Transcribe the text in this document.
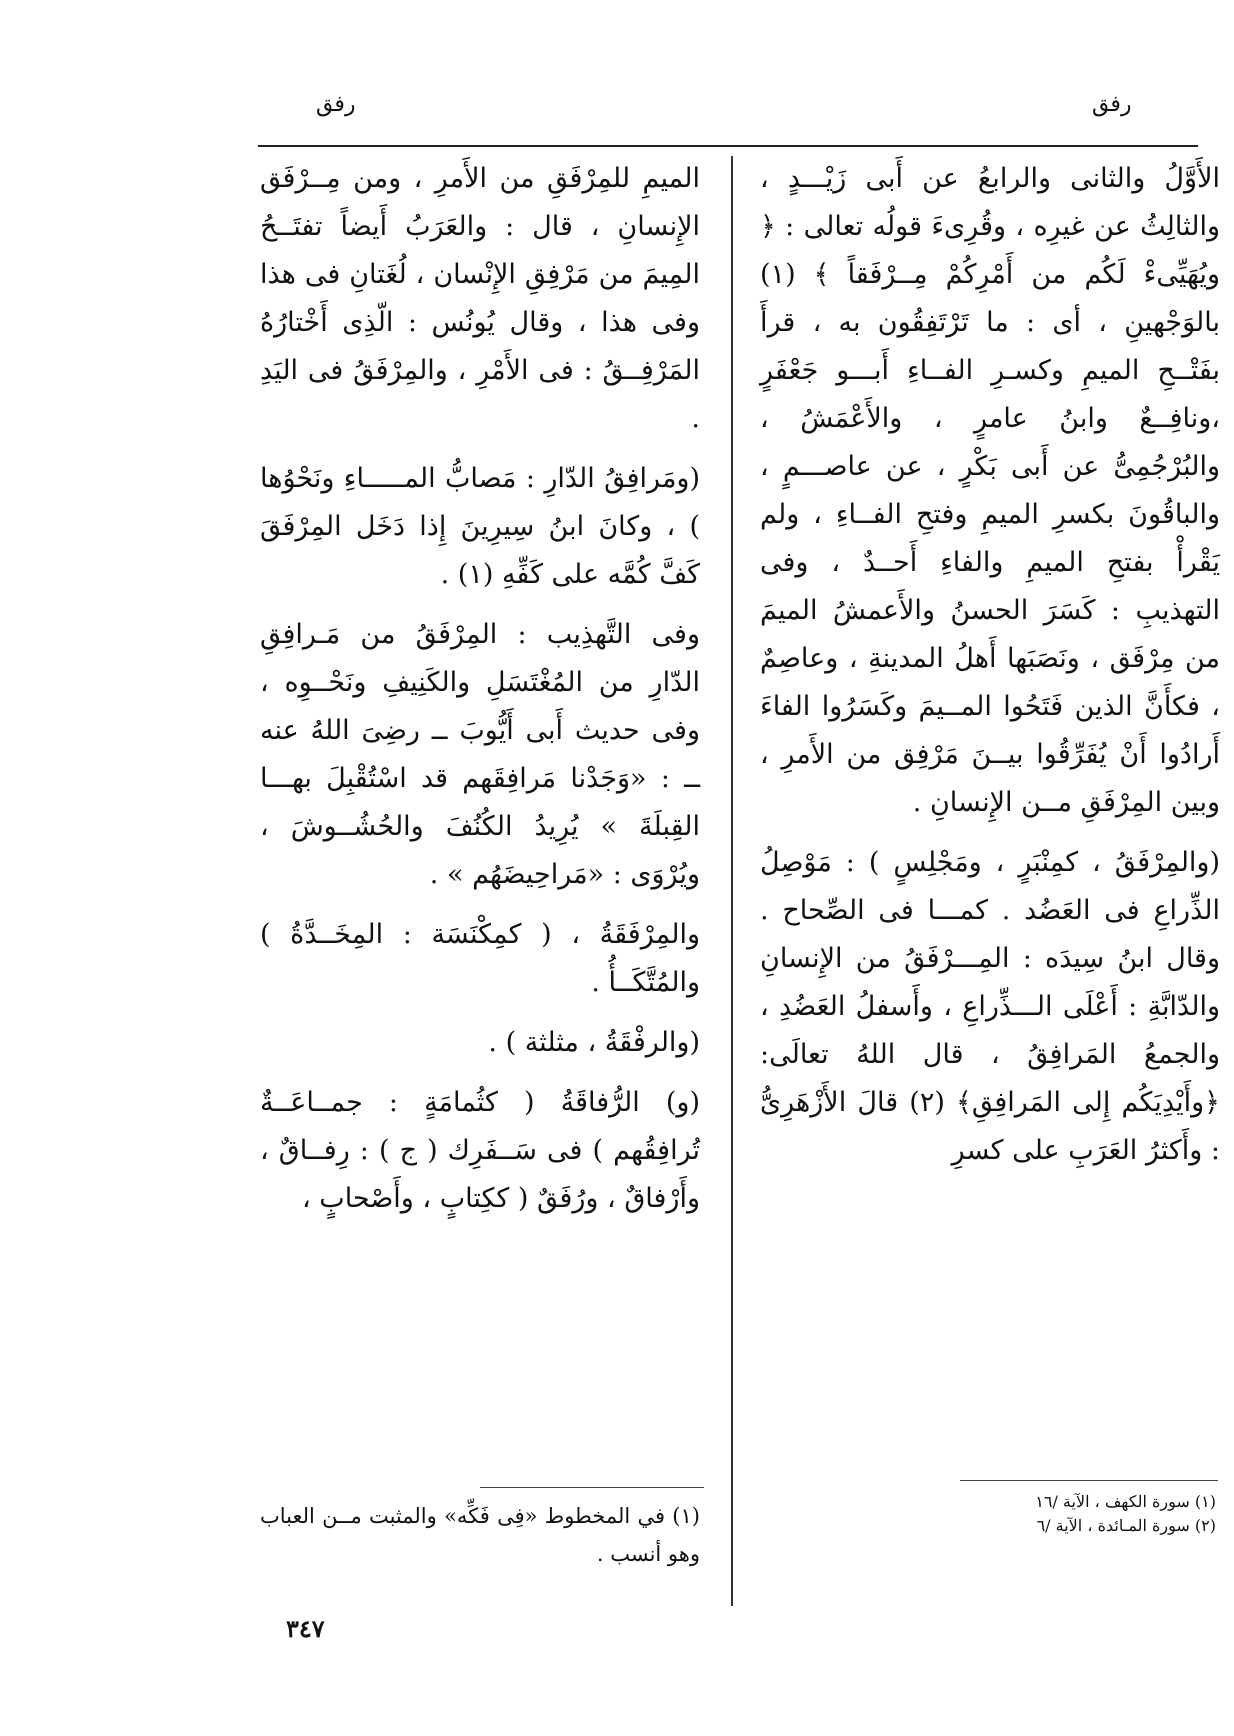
رفق
رفق

الأَوَّلُ والثانى والرابعُ عن أَبى زَيْـــدٍ ، والثالِثُ عن غيرِه ، وقُرِىءَ قولُه تعالى : ﴿ ويُهَيِّىءْ لَكُم من أَمْرِكُمْ مِــرْفَقاً ﴾ (١) بالوَجْهينِ ، أى : ما تَرْتَفِقُون به ، قرأَ بفَتْــحِ الميمِ وكسـرِ الفــاءِ أَبـــو جَعْفَرٍ ،ونافِــعٌ وابنُ عامرٍ ، والأَعْمَشُ ، والبُرْجُمِىُّ عن أَبى بَكْرٍ ، عن عاصـــمٍ ، والباقُونَ بكسرِ الميمِ وفتحِ الفــاءِ ، ولم يَقْرأْ بفتحِ الميمِ والفاءِ أَحــدٌ ، وفى التهذيبِ : كَسَرَ الحسنُ والأَعمشُ الميمَ من مِرْفَق ، ونَصَبَها أَهلُ المدينةِ ، وعاصِمٌ ، فكأَنَّ الذين فَتَحُوا المــيمَ وكَسَرُوا الفاءَ أَرادُوا أَنْ يُفَرِّقُوا بيــنَ مَرْفِق من الأَمرِ ، وبين المِرْفَقِ مــن الإِنسانِ .

(والمِرْفَقُ ، كمِنْبَرٍ ، ومَجْلِسٍ ) : مَوْصِلُ الذِّراعِ فى العَضُد . كمـــا فى الصِّحاح . وقال ابنُ سِيدَه : المِـــرْفَقُ من الإِنسانِ والدّابَّةِ : أَعْلَى الـــذِّراعِ ، وأَسفلُ العَضُدِ ، والجمعُ المَرافِقُ ، قال اللهُ تعالَى: ﴿وأَيْدِيَكُم إِلى المَرافِقِ﴾ (٢) قالَ الأَزْهَرِىُّ : وأَكثرُ العَرَبِ على كسرِ

الميمِ للمِرْفَقِ من الأَمرِ ، ومن مِــرْفَق الإِنسانِ ، قال : والعَرَبُ أَيضاً تفتَــحُ المِيمَ من مَرْفِقِ الإِنْسان ، لُغَتانِ فى هذا وفى هذا ، وقال يُونُس : الّذِى أَخْتارُهُ المَرْفِــقُ : فى الأَمْرِ ، والمِرْفَقُ فى اليَدِ .

(ومَرافِقُ الدّارِ : مَصابُّ المـــــاءِ ونَحْوُها ) ، وكانَ ابنُ سِيرِينَ إِذا دَخَل المِرْفَقَ كَفَّ كُمَّه على كَفِّهِ (١) .

وفى التَّهذِيب : المِرْفَقُ من مَـرافِقِ الدّارِ من المُغْتَسَلِ والكَنِيفِ ونَحْــوِه ، وفى حديث أَبى أَيُّوبَ ــ رضِىَ اللهُ عنه ــ : «وَجَدْنا مَرافِقَهم قد اسْتُقْبِلَ بهـــا القِبلَةَ » يُرِيدُ الكُنُفَ والحُشُــوشَ ، ويُرْوَى : «مَراحِيضَهُم » .

والمِرْفَقَةُ ، ( كمِكْنَسَة : المِخَــدَّةُ ) والمُتَّكَــأُ .

(والرفْقَةُ ، مثلثة ) .

(و) الرُّفاقَةُ ( كثُمامَةٍ : جمــاعَــةٌ تُرافِقُهم ) فى سَــفَرِك ( ج ) : رِفــاقٌ ، وأَرْفاقٌ ، ورُفَقٌ ( ككِتابٍ ، وأَصْحابٍ ،

(١) سورة الكهف ، الآية /١٦
(٢) سورة المـائدة ، الآية /٦
(١) في المخطوط «فِى فَكِّه» والمثبت مــن العباب وهو أنسب .
٣٤٧
